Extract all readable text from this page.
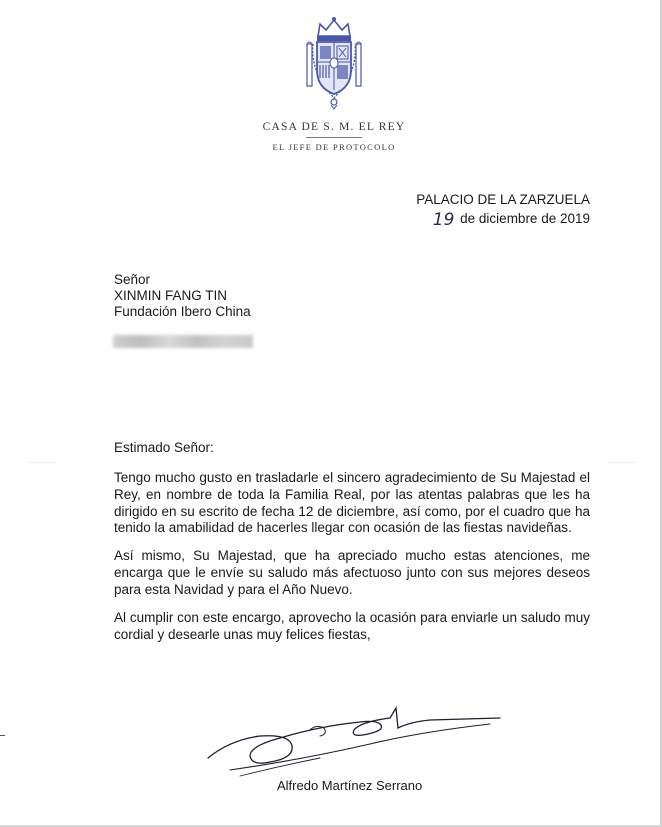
CASA DE S. M. EL REY
EL JEFE DE PROTOCOLO
PALACIO DE LA ZARZUELA
19 de diciembre de 2019
Señor
XINMIN FANG TIN
Fundación Ibero China
Estimado Señor:

Tengo mucho gusto en trasladarle el sincero agradecimiento de Su Majestad el Rey, en nombre de toda la Familia Real, por las atentas palabras que les ha dirigido en su escrito de fecha 12 de diciembre, así como, por el cuadro que ha tenido la amabilidad de hacerles llegar con ocasión de las fiestas navideñas.

Así mismo, Su Majestad, que ha apreciado mucho estas atenciones, me encarga que le envíe su saludo más afectuoso junto con sus mejores deseos para esta Navidad y para el Año Nuevo.

Al cumplir con este encargo, aprovecho la ocasión para enviarle un saludo muy cordial y desearle unas muy felices fiestas,

Alfredo Martínez Serrano
